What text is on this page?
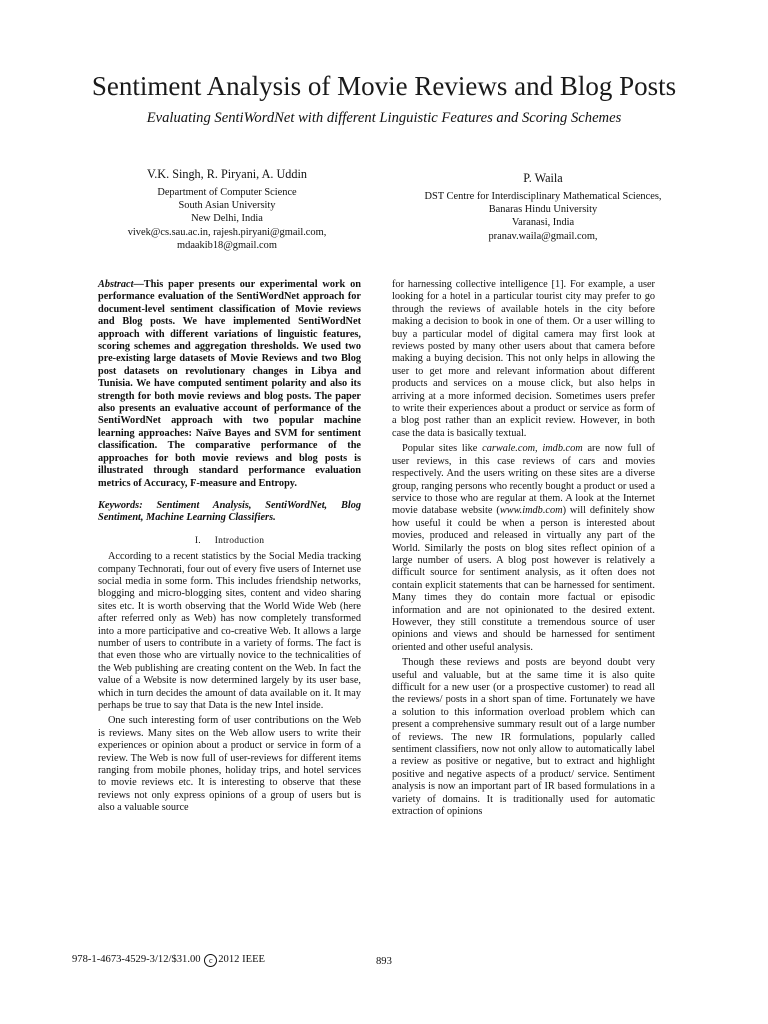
Sentiment Analysis of Movie Reviews and Blog Posts
Evaluating SentiWordNet with different Linguistic Features and Scoring Schemes
V.K. Singh, R. Piryani, A. Uddin
Department of Computer Science
South Asian University
New Delhi, India
vivek@cs.sau.ac.in, rajesh.piryani@gmail.com,
mdaakib18@gmail.com
P. Waila
DST Centre for Interdisciplinary Mathematical Sciences,
Banaras Hindu University
Varanasi, India
pranav.waila@gmail.com,

Abstract—This paper presents our experimental work on performance evaluation of the SentiWordNet approach for document-level sentiment classification of Movie reviews and Blog posts. We have implemented SentiWordNet approach with different variations of linguistic features, scoring schemes and aggregation thresholds. We used two pre-existing large datasets of Movie Reviews and two Blog post datasets on revolutionary changes in Libya and Tunisia. We have computed sentiment polarity and also its strength for both movie reviews and blog posts. The paper also presents an evaluative account of performance of the SentiWordNet approach with two popular machine learning approaches: Naïve Bayes and SVM for sentiment classification. The comparative performance of the approaches for both movie reviews and blog posts is illustrated through standard performance evaluation metrics of Accuracy, F-measure and Entropy.

Keywords: Sentiment Analysis, SentiWordNet, Blog Sentiment, Machine Learning Classifiers.

I. Introduction

According to a recent statistics by the Social Media tracking company Technorati, four out of every five users of Internet use social media in some form. This includes friendship networks, blogging and micro-blogging sites, content and video sharing sites etc. It is worth observing that the World Wide Web (here after referred only as Web) has now completely transformed into a more participative and co-creative Web. It allows a large number of users to contribute in a variety of forms. The fact is that even those who are virtually novice to the technicalities of the Web publishing are creating content on the Web. In fact the value of a Website is now determined largely by its user base, which in turn decides the amount of data available on it. It may perhaps be true to say that Data is the new Intel inside.

One such interesting form of user contributions on the Web is reviews. Many sites on the Web allow users to write their experiences or opinion about a product or service in form of a review. The Web is now full of user-reviews for different items ranging from mobile phones, holiday trips, and hotel services to movie reviews etc. It is interesting to observe that these reviews not only express opinions of a group of users but is also a valuable source

for harnessing collective intelligence [1]. For example, a user looking for a hotel in a particular tourist city may prefer to go through the reviews of available hotels in the city before making a decision to book in one of them. Or a user willing to buy a particular model of digital camera may first look at reviews posted by many other users about that camera before making a buying decision. This not only helps in allowing the user to get more and relevant information about different products and services on a mouse click, but also helps in arriving at a more informed decision. Sometimes users prefer to write their experiences about a product or service as form of a blog post rather than an explicit review. However, in both case the data is basically textual.

Popular sites like carwale.com, imdb.com are now full of user reviews, in this case reviews of cars and movies respectively. And the users writing on these sites are a diverse group, ranging persons who recently bought a product or used a service to those who are regular at them. A look at the Internet movie database website (www.imdb.com) will definitely show how useful it could be when a person is interested about movies, produced and released in virtually any part of the World. Similarly the posts on blog sites reflect opinion of a large number of users. A blog post however is relatively a difficult source for sentiment analysis, as it often does not contain explicit statements that can be harnessed for sentiment. Many times they do contain more factual or episodic information and are not opinionated to the desired extent. However, they still constitute a tremendous source of user opinions and views and should be harnessed for sentiment oriented and other useful analysis.

Though these reviews and posts are beyond doubt very useful and valuable, but at the same time it is also quite difficult for a new user (or a prospective customer) to read all the reviews/ posts in a short span of time. Fortunately we have a solution to this information overload problem which can present a comprehensive summary result out of a large number of reviews. The new IR formulations, popularly called sentiment classifiers, now not only allow to automatically label a review as positive or negative, but to extract and highlight positive and negative aspects of a product/ service. Sentiment analysis is now an important part of IR based formulations in a variety of domains. It is traditionally used for automatic extraction of opinions

978-1-4673-4529-3/12/$31.00 c 2012 IEEE	893
